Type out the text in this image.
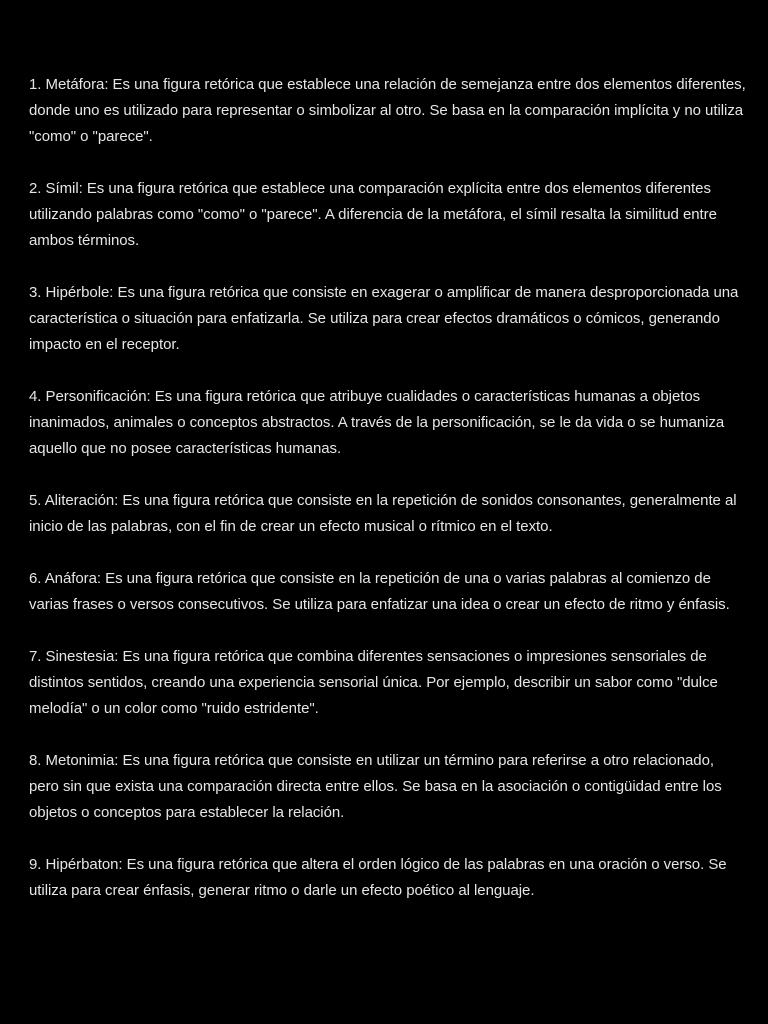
1. Metáfora: Es una figura retórica que establece una relación de semejanza entre dos elementos diferentes, donde uno es utilizado para representar o simbolizar al otro. Se basa en la comparación implícita y no utiliza "como" o "parece".

2. Símil: Es una figura retórica que establece una comparación explícita entre dos elementos diferentes utilizando palabras como "como" o "parece". A diferencia de la metáfora, el símil resalta la similitud entre ambos términos.

3. Hipérbole: Es una figura retórica que consiste en exagerar o amplificar de manera desproporcionada una característica o situación para enfatizarla. Se utiliza para crear efectos dramáticos o cómicos, generando impacto en el receptor.

4. Personificación: Es una figura retórica que atribuye cualidades o características humanas a objetos inanimados, animales o conceptos abstractos. A través de la personificación, se le da vida o se humaniza aquello que no posee características humanas.

5. Aliteración: Es una figura retórica que consiste en la repetición de sonidos consonantes, generalmente al inicio de las palabras, con el fin de crear un efecto musical o rítmico en el texto.

6. Anáfora: Es una figura retórica que consiste en la repetición de una o varias palabras al comienzo de varias frases o versos consecutivos. Se utiliza para enfatizar una idea o crear un efecto de ritmo y énfasis.

7. Sinestesia: Es una figura retórica que combina diferentes sensaciones o impresiones sensoriales de distintos sentidos, creando una experiencia sensorial única. Por ejemplo, describir un sabor como "dulce melodía" o un color como "ruido estridente".

8. Metonimia: Es una figura retórica que consiste en utilizar un término para referirse a otro relacionado, pero sin que exista una comparación directa entre ellos. Se basa en la asociación o contigüidad entre los objetos o conceptos para establecer la relación.

9. Hipérbaton: Es una figura retórica que altera el orden lógico de las palabras en una oración o verso. Se utiliza para crear énfasis, generar ritmo o darle un efecto poético al lenguaje.
